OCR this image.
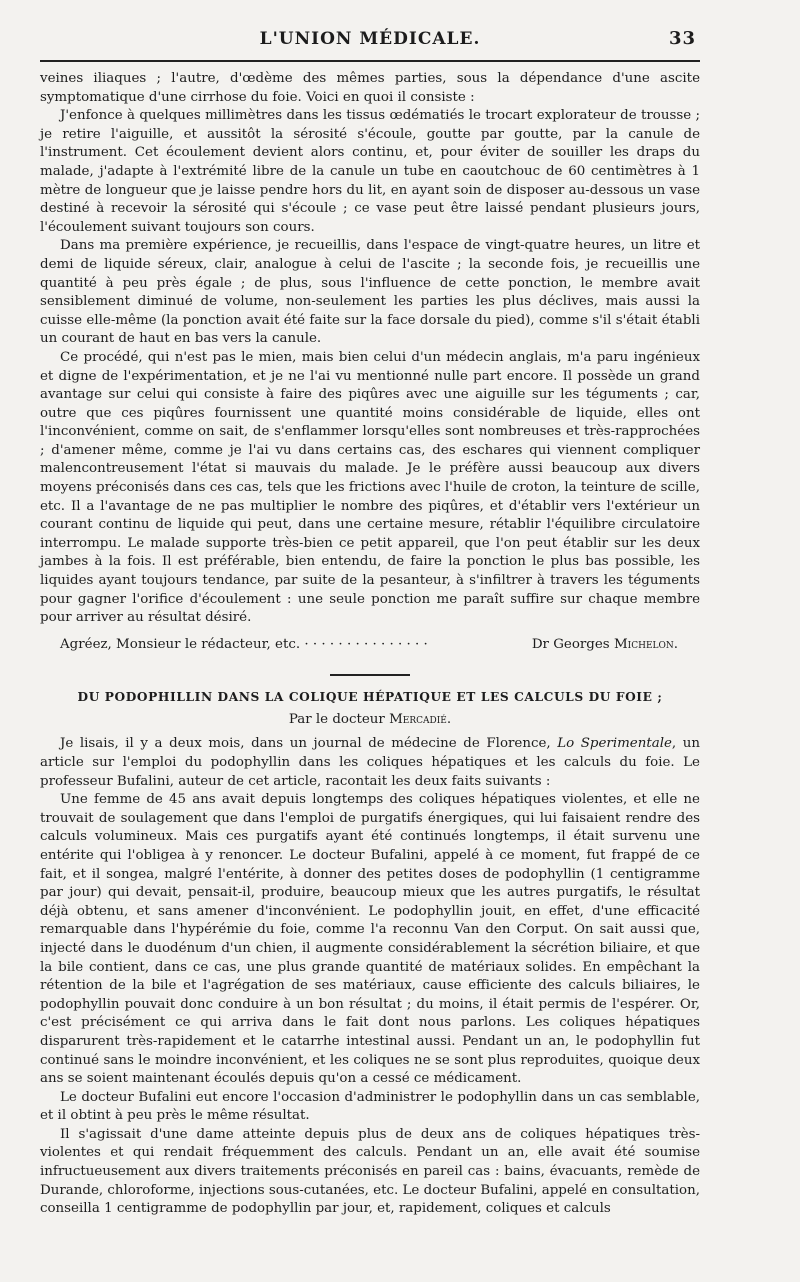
L'UNION MÉDICALE.	33

veines iliaques ; l'autre, d'œdème des mêmes parties, sous la dépendance d'une ascite symptomatique d'une cirrhose du foie. Voici en quoi il consiste :

J'enfonce à quelques millimètres dans les tissus œdématiés le trocart explorateur de trousse ; je retire l'aiguille, et aussitôt la sérosité s'écoule, goutte par goutte, par la canule de l'instrument. Cet écoulement devient alors continu, et, pour éviter de souiller les draps du malade, j'adapte à l'extrémité libre de la canule un tube en caoutchouc de 60 centimètres à 1 mètre de longueur que je laisse pendre hors du lit, en ayant soin de disposer au-dessous un vase destiné à recevoir la sérosité qui s'écoule ; ce vase peut être laissé pendant plusieurs jours, l'écoulement suivant toujours son cours.

Dans ma première expérience, je recueillis, dans l'espace de vingt-quatre heures, un litre et demi de liquide séreux, clair, analogue à celui de l'ascite ; la seconde fois, je recueillis une quantité à peu près égale ; de plus, sous l'influence de cette ponction, le membre avait sensiblement diminué de volume, non-seulement les parties les plus déclives, mais aussi la cuisse elle-même (la ponction avait été faite sur la face dorsale du pied), comme s'il s'était établi un courant de haut en bas vers la canule.

Ce procédé, qui n'est pas le mien, mais bien celui d'un médecin anglais, m'a paru ingénieux et digne de l'expérimentation, et je ne l'ai vu mentionné nulle part encore. Il possède un grand avantage sur celui qui consiste à faire des piqûres avec une aiguille sur les téguments ; car, outre que ces piqûres fournissent une quantité moins considérable de liquide, elles ont l'inconvénient, comme on sait, de s'enflammer lorsqu'elles sont nombreuses et très-rapprochées ; d'amener même, comme je l'ai vu dans certains cas, des eschares qui viennent compliquer malencontreusement l'état si mauvais du malade. Je le préfère aussi beaucoup aux divers moyens préconisés dans ces cas, tels que les frictions avec l'huile de croton, la teinture de scille, etc. Il a l'avantage de ne pas multiplier le nombre des piqûres, et d'établir vers l'extérieur un courant continu de liquide qui peut, dans une certaine mesure, rétablir l'équilibre circulatoire interrompu. Le malade supporte très-bien ce petit appareil, que l'on peut établir sur les deux jambes à la fois. Il est préférable, bien entendu, de faire la ponction le plus bas possible, les liquides ayant toujours tendance, par suite de la pesanteur, à s'infiltrer à travers les téguments pour gagner l'orifice d'écoulement : une seule ponction me paraît suffire sur chaque membre pour arriver au résultat désiré.

Agréez, Monsieur le rédacteur, etc. · · · · · · · · · · · · · · ·	Dr Georges Michelon.
DU PODOPHILLIN DANS LA COLIQUE HÉPATIQUE ET LES CALCULS DU FOIE ;
Par le docteur Mercadié.

Je lisais, il y a deux mois, dans un journal de médecine de Florence, Lo Sperimentale, un article sur l'emploi du podophyllin dans les coliques hépatiques et les calculs du foie. Le professeur Bufalini, auteur de cet article, racontait les deux faits suivants :

Une femme de 45 ans avait depuis longtemps des coliques hépatiques violentes, et elle ne trouvait de soulagement que dans l'emploi de purgatifs énergiques, qui lui faisaient rendre des calculs volumineux. Mais ces purgatifs ayant été continués longtemps, il était survenu une entérite qui l'obligea à y renoncer. Le docteur Bufalini, appelé à ce moment, fut frappé de ce fait, et il songea, malgré l'entérite, à donner des petites doses de podophyllin (1 centigramme par jour) qui devait, pensait-il, produire, beaucoup mieux que les autres purgatifs, le résultat déjà obtenu, et sans amener d'inconvénient. Le podophyllin jouit, en effet, d'une efficacité remarquable dans l'hypérémie du foie, comme l'a reconnu Van den Corput. On sait aussi que, injecté dans le duodénum d'un chien, il augmente considérablement la sécrétion biliaire, et que la bile contient, dans ce cas, une plus grande quantité de matériaux solides. En empêchant la rétention de la bile et l'agrégation de ses matériaux, cause efficiente des calculs biliaires, le podophyllin pouvait donc conduire à un bon résultat ; du moins, il était permis de l'espérer. Or, c'est précisément ce qui arriva dans le fait dont nous parlons. Les coliques hépatiques disparurent très-rapidement et le catarrhe intestinal aussi. Pendant un an, le podophyllin fut continué sans le moindre inconvénient, et les coliques ne se sont plus reproduites, quoique deux ans se soient maintenant écoulés depuis qu'on a cessé ce médicament.

Le docteur Bufalini eut encore l'occasion d'administrer le podophyllin dans un cas semblable, et il obtint à peu près le même résultat.

Il s'agissait d'une dame atteinte depuis plus de deux ans de coliques hépatiques très-violentes et qui rendait fréquemment des calculs. Pendant un an, elle avait été soumise infructueusement aux divers traitements préconisés en pareil cas : bains, évacuants, remède de Durande, chloroforme, injections sous-cutanées, etc. Le docteur Bufalini, appelé en consultation, conseilla 1 centigramme de podophyllin par jour, et, rapidement, coliques et calculs
